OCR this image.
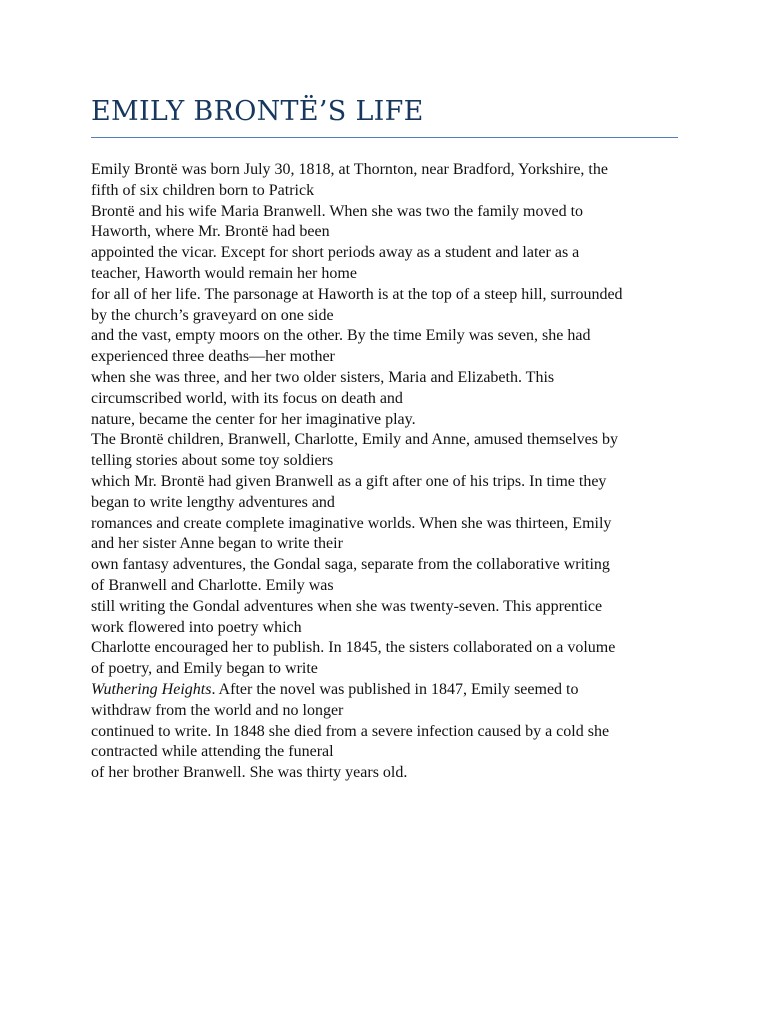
EMILY BRONTË’S LIFE
Emily Brontë was born July 30, 1818, at Thornton, near Bradford, Yorkshire, the
fifth of six children born to Patrick
Brontë and his wife Maria Branwell. When she was two the family moved to
Haworth, where Mr. Brontë had been
appointed the vicar. Except for short periods away as a student and later as a
teacher, Haworth would remain her home
for all of her life. The parsonage at Haworth is at the top of a steep hill, surrounded
by the church’s graveyard on one side
and the vast, empty moors on the other. By the time Emily was seven, she had
experienced three deaths—her mother
when she was three, and her two older sisters, Maria and Elizabeth. This
circumscribed world, with its focus on death and
nature, became the center for her imaginative play.
The Brontë children, Branwell, Charlotte, Emily and Anne, amused themselves by
telling stories about some toy soldiers
which Mr. Brontë had given Branwell as a gift after one of his trips. In time they
began to write lengthy adventures and
romances and create complete imaginative worlds. When she was thirteen, Emily
and her sister Anne began to write their
own fantasy adventures, the Gondal saga, separate from the collaborative writing
of Branwell and Charlotte. Emily was
still writing the Gondal adventures when she was twenty-seven. This apprentice
work flowered into poetry which
Charlotte encouraged her to publish. In 1845, the sisters collaborated on a volume
of poetry, and Emily began to write
Wuthering Heights. After the novel was published in 1847, Emily seemed to
withdraw from the world and no longer
continued to write. In 1848 she died from a severe infection caused by a cold she
contracted while attending the funeral
of her brother Branwell. She was thirty years old.
